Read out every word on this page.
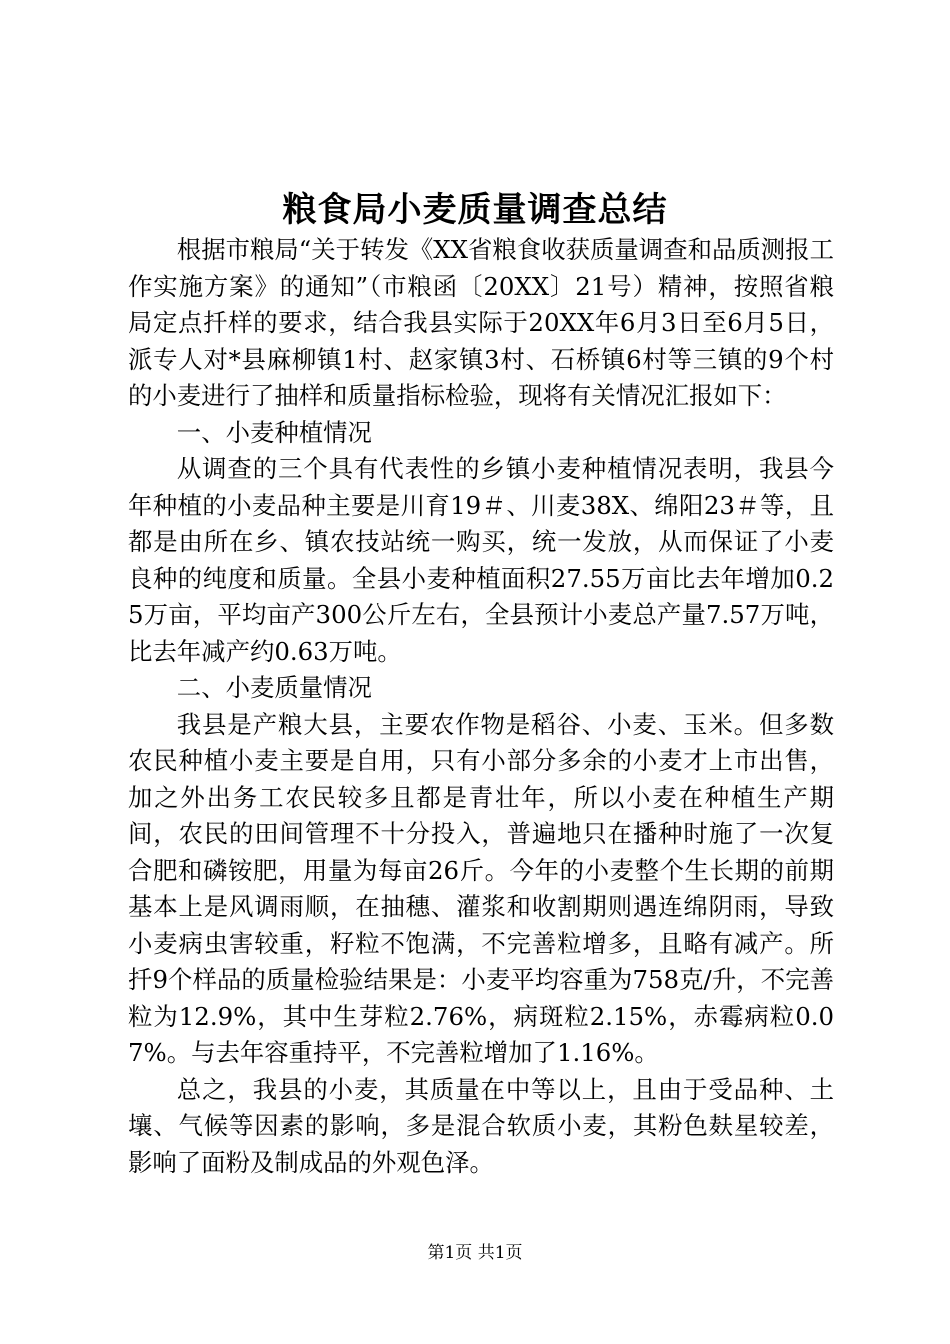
粮食局小麦质量调查总结

根据市粮局“关于转发《XX省粮食收获质量调查和品质测报工作实施方案》的通知”（市粮函〔20XX〕21号）精神，按照省粮局定点扦样的要求，结合我县实际于20XX年6月3日至6月5日，派专人对*县麻柳镇1村、赵家镇3村、石桥镇6村等三镇的9个村的小麦进行了抽样和质量指标检验，现将有关情况汇报如下：

一、小麦种植情况

从调查的三个具有代表性的乡镇小麦种植情况表明，我县今年种植的小麦品种主要是川育19＃、川麦38X、绵阳23＃等，且都是由所在乡、镇农技站统一购买，统一发放，从而保证了小麦良种的纯度和质量。全县小麦种植面积27.55万亩比去年增加0.25万亩，平均亩产300公斤左右，全县预计小麦总产量7.57万吨，比去年减产约0.63万吨。

二、小麦质量情况

我县是产粮大县，主要农作物是稻谷、小麦、玉米。但多数农民种植小麦主要是自用，只有小部分多余的小麦才上市出售，加之外出务工农民较多且都是青壮年，所以小麦在种植生产期间，农民的田间管理不十分投入，普遍地只在播种时施了一次复合肥和磷铵肥，用量为每亩26斤。今年的小麦整个生长期的前期基本上是风调雨顺，在抽穗、灌浆和收割期则遇连绵阴雨，导致小麦病虫害较重，籽粒不饱满，不完善粒增多，且略有减产。所扦9个样品的质量检验结果是：小麦平均容重为758克/升，不完善粒为12.9%，其中生芽粒2.76%，病斑粒2.15%，赤霉病粒0.07%。与去年容重持平，不完善粒增加了1.16%。

总之，我县的小麦，其质量在中等以上，且由于受品种、土壤、气候等因素的影响，多是混合软质小麦，其粉色麸星较差，影响了面粉及制成品的外观色泽。

第1页 共1页
